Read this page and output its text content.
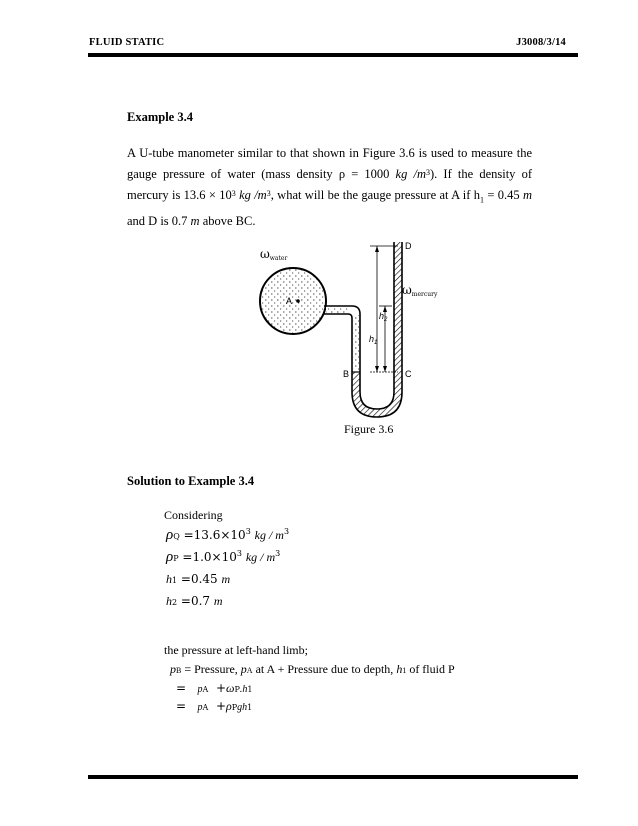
FLUID STATIC	J3008/3/14
Example 3.4

A U-tube manometer similar to that shown in Figure 3.6 is used to measure the gauge pressure of water (mass density ρ = 1000 kg $/m^3$). If the density of mercury is $13.6 \times 10^3$ kg $/m^3$, what will be the gauge pressure at A if $h_1 = 0.45$ m and D is 0.7 m above BC.

ωwater
ωmercury
A
B	C
D
$h_2$
$h_1$
Figure 3.6
Solution to Example 3.4
Considering
$\rho Q =13.6\times 10^3$ kg / $m^3$
$\rho P =1.0\times 10^3$ kg / $m^3$
h1 =0.45 m
h2 =0.7 m
the pressure at left-hand limb;
pB = Pressure, pA at A + Pressure due to depth, h1 of fluid P
= pA +ωP.h1
= pA +ρPgh1
